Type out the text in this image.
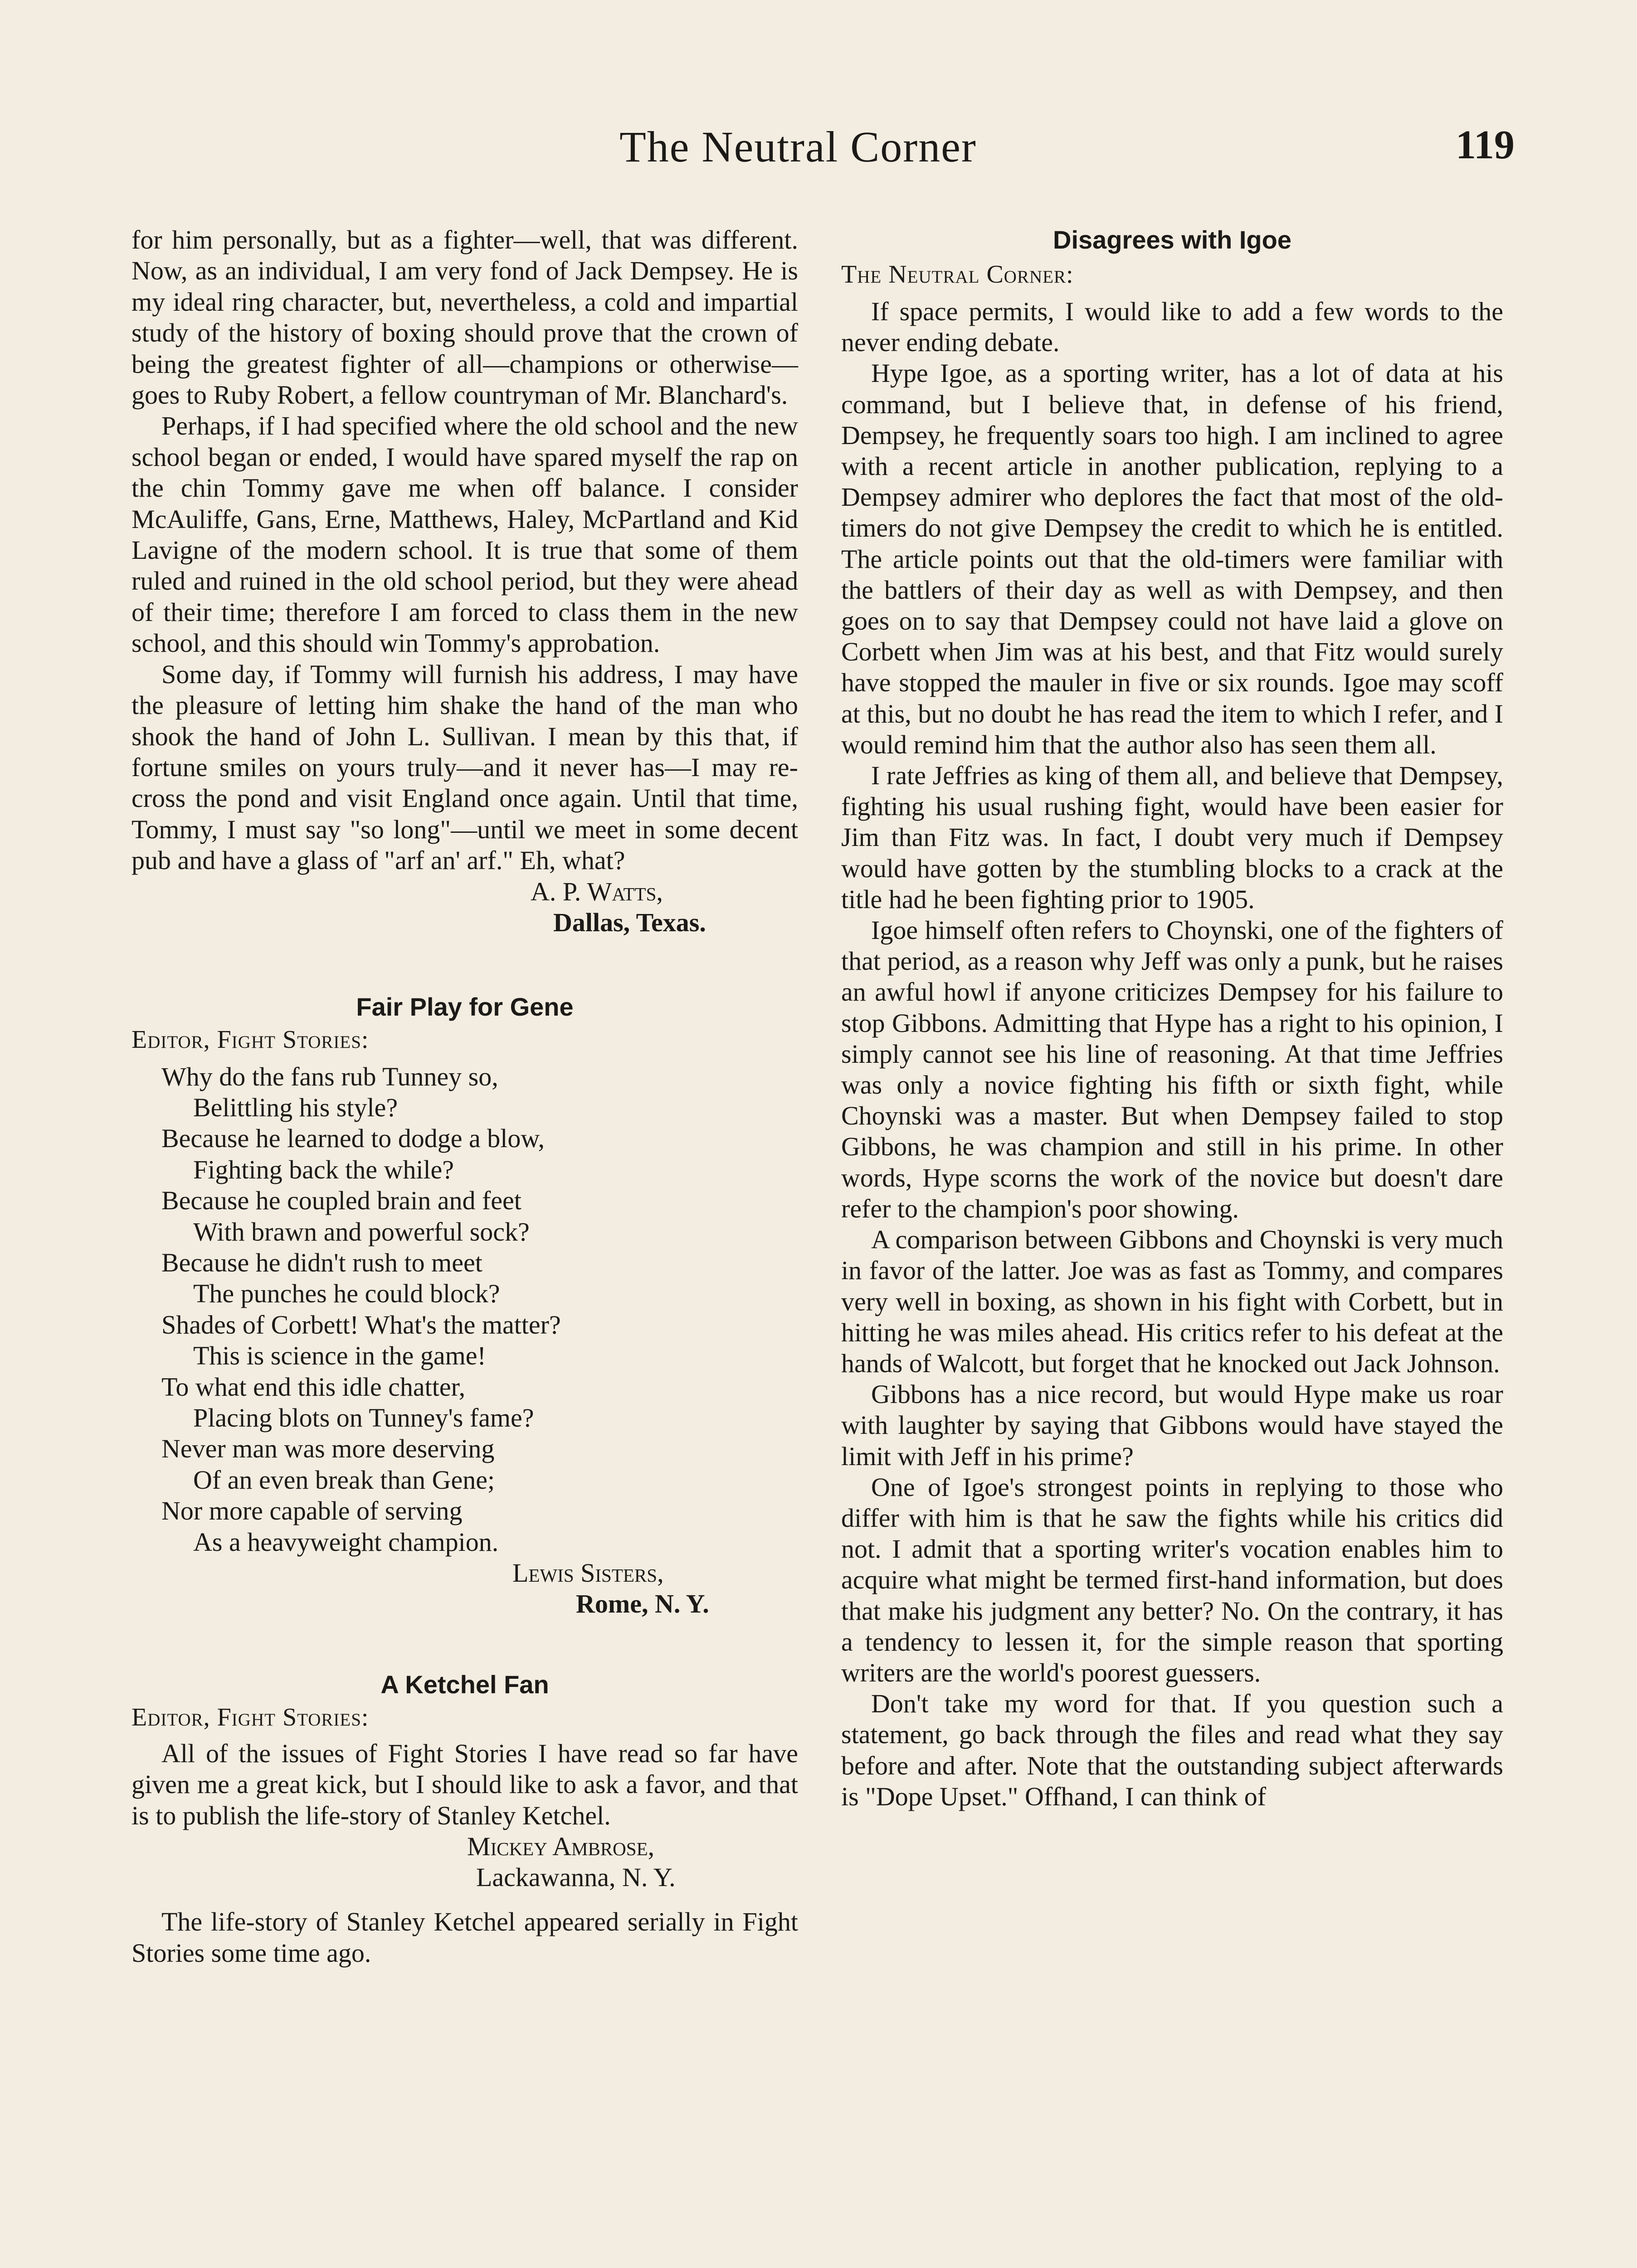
The Neutral Corner	119

for him personally, but as a fighter—well, that was different. Now, as an individual, I am very fond of Jack Dempsey. He is my ideal ring character, but, nevertheless, a cold and impartial study of the history of boxing should prove that the crown of being the greatest fighter of all—champions or otherwise—goes to Ruby Robert, a fellow countryman of Mr. Blanchard's.

Perhaps, if I had specified where the old school and the new school began or ended, I would have spared myself the rap on the chin Tommy gave me when off balance. I consider McAuliffe, Gans, Erne, Matthews, Haley, McPartland and Kid Lavigne of the modern school. It is true that some of them ruled and ruined in the old school period, but they were ahead of their time; therefore I am forced to class them in the new school, and this should win Tommy's approbation.

Some day, if Tommy will furnish his address, I may have the pleasure of letting him shake the hand of the man who shook the hand of John L. Sullivan. I mean by this that, if fortune smiles on yours truly—and it never has—I may re-cross the pond and visit England once again. Until that time, Tommy, I must say "so long"—until we meet in some decent pub and have a glass of "arf an' arf." Eh, what?

A. P. Watts,
Dallas, Texas.
Fair Play for Gene
Editor, Fight Stories:
Why do the fans rub Tunney so,
Belittling his style?
Because he learned to dodge a blow,
Fighting back the while?
Because he coupled brain and feet
With brawn and powerful sock?
Because he didn't rush to meet
The punches he could block?
Shades of Corbett! What's the matter?
This is science in the game!
To what end this idle chatter,
Placing blots on Tunney's fame?
Never man was more deserving
Of an even break than Gene;
Nor more capable of serving
As a heavyweight champion.
Lewis Sisters,
Rome, N. Y.
A Ketchel Fan
Editor, Fight Stories:

All of the issues of Fight Stories I have read so far have given me a great kick, but I should like to ask a favor, and that is to publish the life-story of Stanley Ketchel.

Mickey Ambrose,
Lackawanna, N. Y.

The life-story of Stanley Ketchel appeared serially in Fight Stories some time ago.

Disagrees with Igoe
The Neutral Corner:

If space permits, I would like to add a few words to the never ending debate.

Hype Igoe, as a sporting writer, has a lot of data at his command, but I believe that, in defense of his friend, Dempsey, he frequently soars too high. I am inclined to agree with a recent article in another publication, replying to a Dempsey admirer who deplores the fact that most of the old-timers do not give Dempsey the credit to which he is entitled. The article points out that the old-timers were familiar with the battlers of their day as well as with Dempsey, and then goes on to say that Dempsey could not have laid a glove on Corbett when Jim was at his best, and that Fitz would surely have stopped the mauler in five or six rounds. Igoe may scoff at this, but no doubt he has read the item to which I refer, and I would remind him that the author also has seen them all.

I rate Jeffries as king of them all, and believe that Dempsey, fighting his usual rushing fight, would have been easier for Jim than Fitz was. In fact, I doubt very much if Dempsey would have gotten by the stumbling blocks to a crack at the title had he been fighting prior to 1905.

Igoe himself often refers to Choynski, one of the fighters of that period, as a reason why Jeff was only a punk, but he raises an awful howl if anyone criticizes Dempsey for his failure to stop Gibbons. Admitting that Hype has a right to his opinion, I simply cannot see his line of reasoning. At that time Jeffries was only a novice fighting his fifth or sixth fight, while Choynski was a master. But when Dempsey failed to stop Gibbons, he was champion and still in his prime. In other words, Hype scorns the work of the novice but doesn't dare refer to the champion's poor showing.

A comparison between Gibbons and Choynski is very much in favor of the latter. Joe was as fast as Tommy, and compares very well in boxing, as shown in his fight with Corbett, but in hitting he was miles ahead. His critics refer to his defeat at the hands of Walcott, but forget that he knocked out Jack Johnson.

Gibbons has a nice record, but would Hype make us roar with laughter by saying that Gibbons would have stayed the limit with Jeff in his prime?

One of Igoe's strongest points in replying to those who differ with him is that he saw the fights while his critics did not. I admit that a sporting writer's vocation enables him to acquire what might be termed first-hand information, but does that make his judgment any better? No. On the contrary, it has a tendency to lessen it, for the simple reason that sporting writers are the world's poorest guessers.

Don't take my word for that. If you question such a statement, go back through the files and read what they say before and after. Note that the outstanding subject afterwards is "Dope Upset." Offhand, I can think of
